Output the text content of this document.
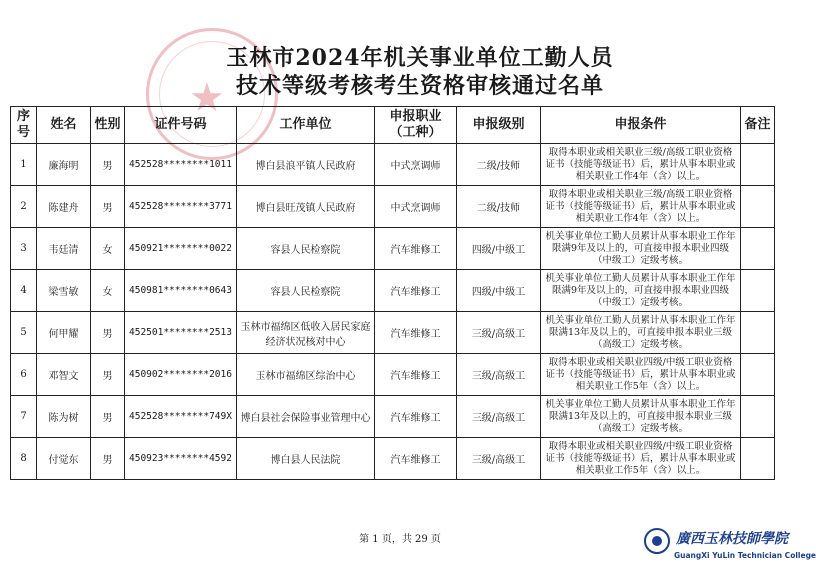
★
玉林市2024年机关事业单位工勤人员
技术等级考核考生资格审核通过名单
序号	姓名	性别	证件号码	工作单位	申报职业（工种）	申报级别	申报条件	备注
1	廉海明	男	452528********1011	博白县浪平镇人民政府	中式烹调师	二级/技师	取得本职业或相关职业三级/高级工职业资格证书（技能等级证书）后，累计从事本职业或相关职业工作4年（含）以上。	
2	陈建舟	男	452528********3771	博白县旺茂镇人民政府	中式烹调师	二级/技师	取得本职业或相关职业三级/高级工职业资格证书（技能等级证书）后，累计从事本职业或相关职业工作4年（含）以上。	
3	韦廷清	女	450921********0022	容县人民检察院	汽车维修工	四级/中级工	机关事业单位工勤人员累计从事本职业工作年限满9年及以上的，可直接申报本职业四级（中级工）定级考核。	
4	梁雪敏	女	450981********0643	容县人民检察院	汽车维修工	四级/中级工	机关事业单位工勤人员累计从事本职业工作年限满9年及以上的，可直接申报本职业四级（中级工）定级考核。	
5	何甲耀	男	452501********2513	玉林市福绵区低收入居民家庭经济状况核对中心	汽车维修工	三级/高级工	机关事业单位工勤人员累计从事本职业工作年限满13年及以上的，可直接申报本职业三级（高级工）定级考核。	
6	邓智文	男	450902********2016	玉林市福绵区综治中心	汽车维修工	三级/高级工	取得本职业或相关职业四级/中级工职业资格证书（技能等级证书）后，累计从事本职业或相关职业工作5年（含）以上。	
7	陈为树	男	452528********749X	博白县社会保险事业管理中心	汽车维修工	三级/高级工	机关事业单位工勤人员累计从事本职业工作年限满13年及以上的，可直接申报本职业三级（高级工）定级考核。	
8	付觉东	男	450923********4592	博白县人民法院	汽车维修工	三级/高级工	取得本职业或相关职业四级/中级工职业资格证书（技能等级证书）后，累计从事本职业或相关职业工作5年（含）以上。	
第 1 页，共 29 页	廣西玉林技師學院
GuangXi YuLin Technician College
